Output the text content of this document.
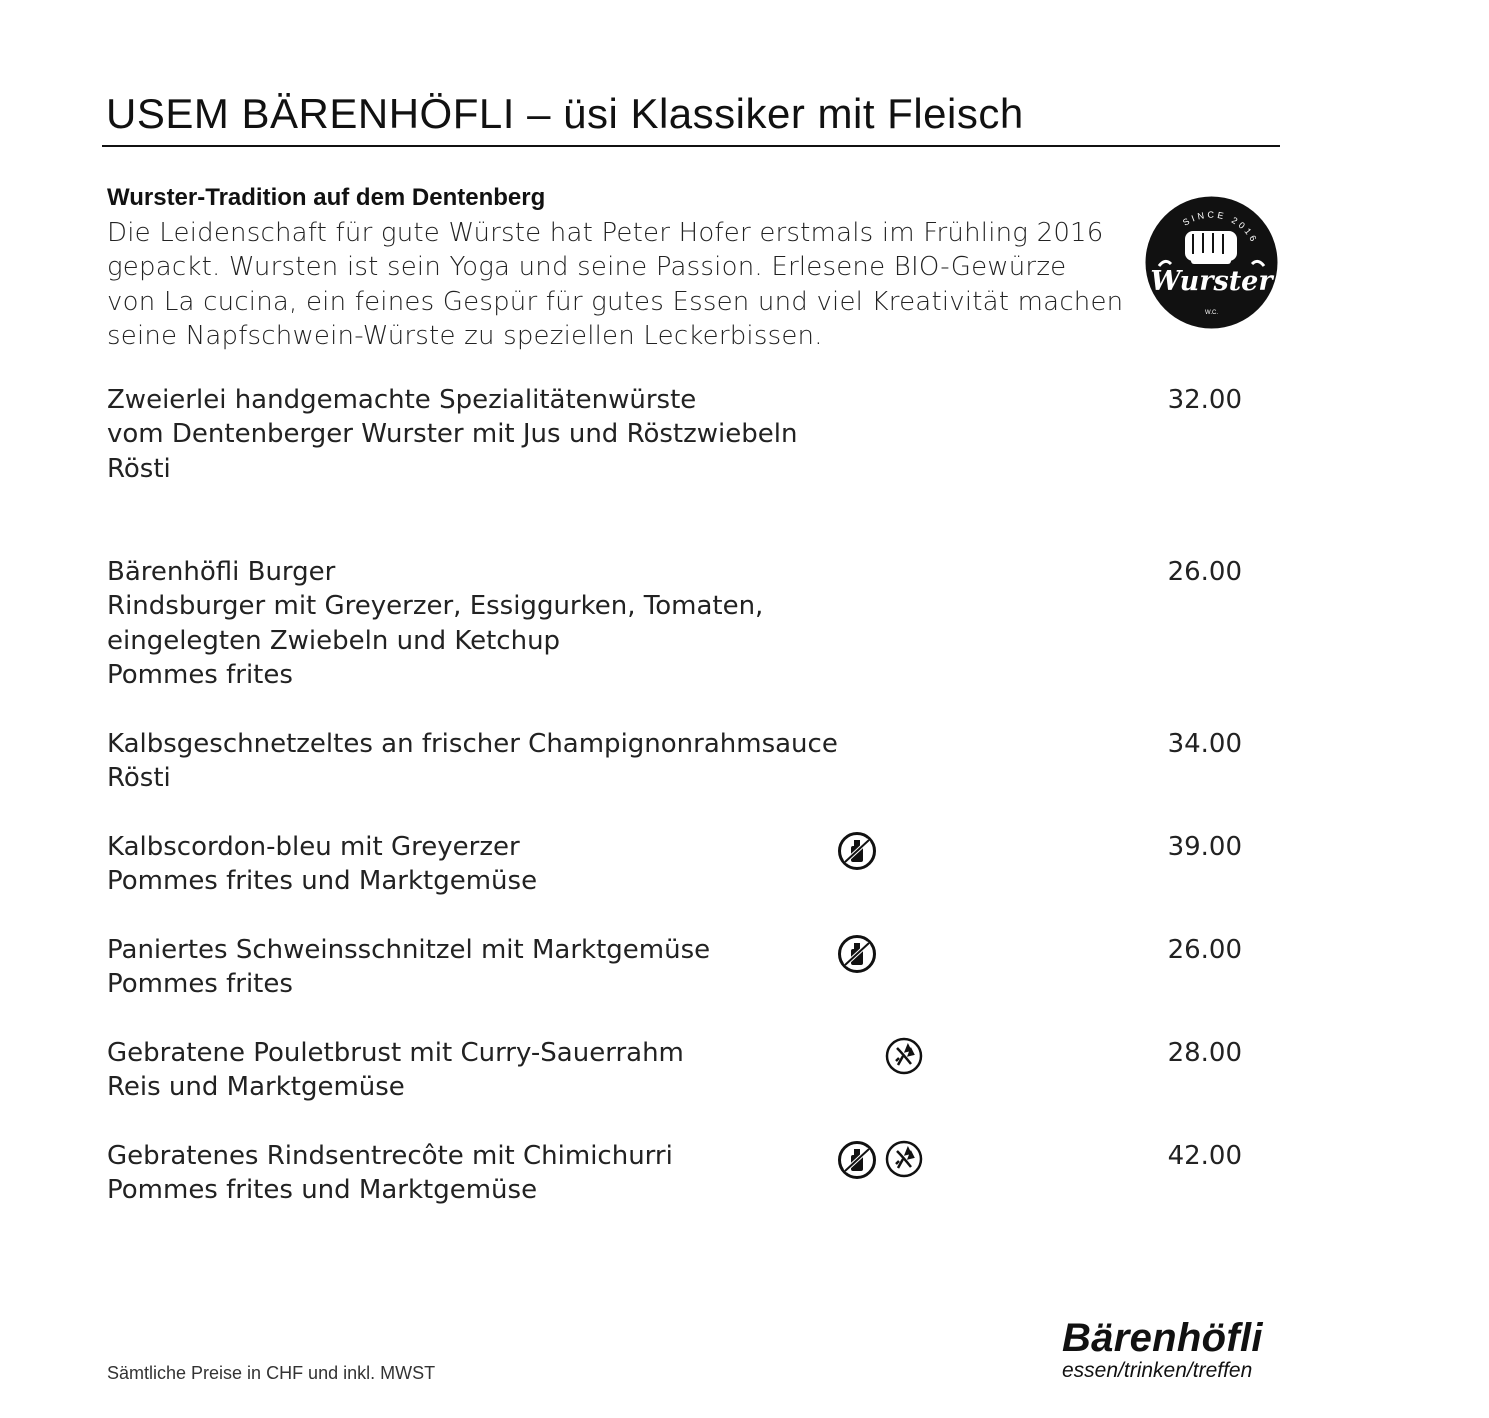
USEM BÄRENHÖFLI – üsi Klassiker mit Fleisch
Wurster-Tradition auf dem Dentenberg
Die Leidenschaft für gute Würste hat Peter Hofer erstmals im Frühling 2016
gepackt. Wursten ist sein Yoga und seine Passion. Erlesene BIO-Gewürze
von La cucina, ein feines Gespür für gutes Essen und viel Kreativität machen
seine Napfschwein-Würste zu speziellen Leckerbissen.
SINCE 2016
Wurster
W.C.
Zweierlei handgemachte Spezialitätenwürste
vom Dentenberger Wurster mit Jus und Röstzwiebeln
Rösti
32.00
Bärenhöfli Burger
Rindsburger mit Greyerzer, Essiggurken, Tomaten,
eingelegten Zwiebeln und Ketchup
Pommes frites
26.00
Kalbsgeschnetzeltes an frischer Champignonrahmsauce
Rösti
34.00
Kalbscordon-bleu mit Greyerzer
Pommes frites und Marktgemüse
39.00
Paniertes Schweinsschnitzel mit Marktgemüse
Pommes frites
26.00
Gebratene Pouletbrust mit Curry-Sauerrahm
Reis und Marktgemüse
28.00
Gebratenes Rindsentrecôte mit Chimichurri
Pommes frites und Marktgemüse
42.00
Sämtliche Preise in CHF und inkl. MWST
Bärenhöfli
essen/trinken/treffen
